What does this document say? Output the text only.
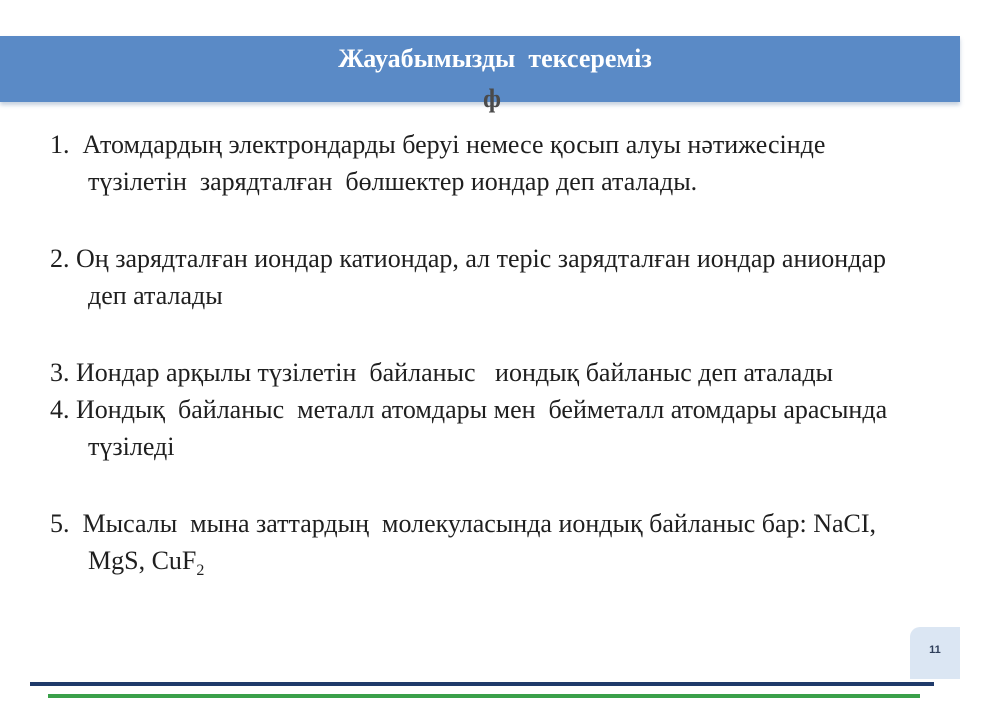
Жауабымызды  тексереміз
ф

1.  Атомдардың электрондарды беруі немесе қосып алуы нәтижесінде түзілетін  зарядталған  бөлшектер иондар деп аталады.

2. Оң зарядталған иондар катиондар, ал теріс зарядталған иондар аниондар деп аталады

3. Иондар арқылы түзілетін  байланыс   иондық байланыс деп аталады

4. Иондық  байланыс  металл атомдары мен  бейметалл атомдары арасында түзіледі

5.  Мысалы  мына заттардың  молекуласында иондық байланыс бар: NaCI, MgS, CuF$_2$

11
